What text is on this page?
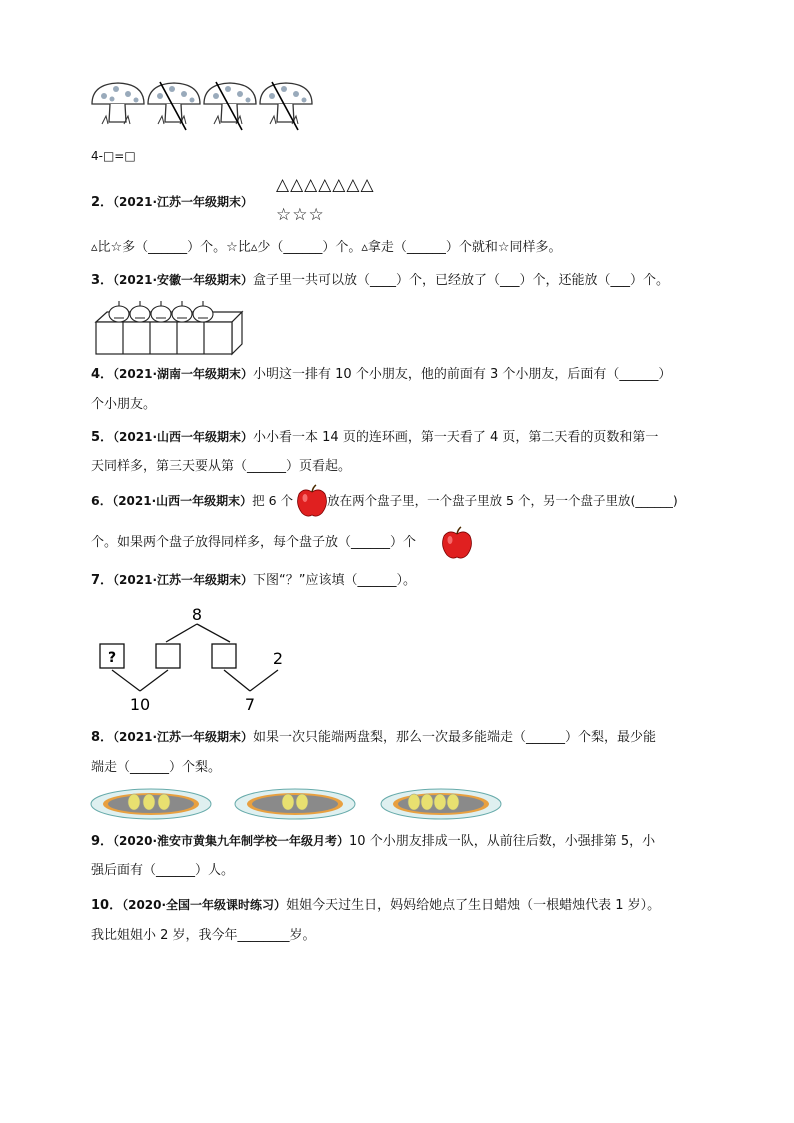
4-□=□
2．（2021·江苏一年级期末）
△△△△△△△
☆☆☆
▵比☆多（______）个。☆比▵少（______）个。▵拿走（______）个就和☆同样多。
3．（2021·安徽一年级期末）盒子里一共可以放（____）个，已经放了（___）个，还能放（___）个。
4．（2021·湖南一年级期末）小明这一排有 10 个小朋友，他的前面有 3 个小朋友，后面有（______）
个小朋友。
5．（2021·山西一年级期末）小小看一本 14 页的连环画，第一天看了 4 页，第二天看的页数和第一
天同样多，第三天要从第（______）页看起。
6．（2021·山西一年级期末）把 6 个	放在两个盘子里，一个盘子里放 5 个，另一个盘子里放(______)
个。如果两个盘子放得同样多，每个盘子放（______）个
7．（2021·江苏一年级期末）下图“？”应该填（______）。
8
?	2
10	7
8．（2021·江苏一年级期末）如果一次只能端两盘梨，那么一次最多能端走（______）个梨，最少能
端走（______）个梨。
9．（2020·淮安市黄集九年制学校一年级月考）10 个小朋友排成一队，从前往后数，小强排第 5，小
强后面有（______）人。
10．（2020·全国一年级课时练习）姐姐今天过生日，妈妈给她点了生日蜡烛（一根蜡烛代表 1 岁）。
我比姐姐小 2 岁，我今年________岁。
